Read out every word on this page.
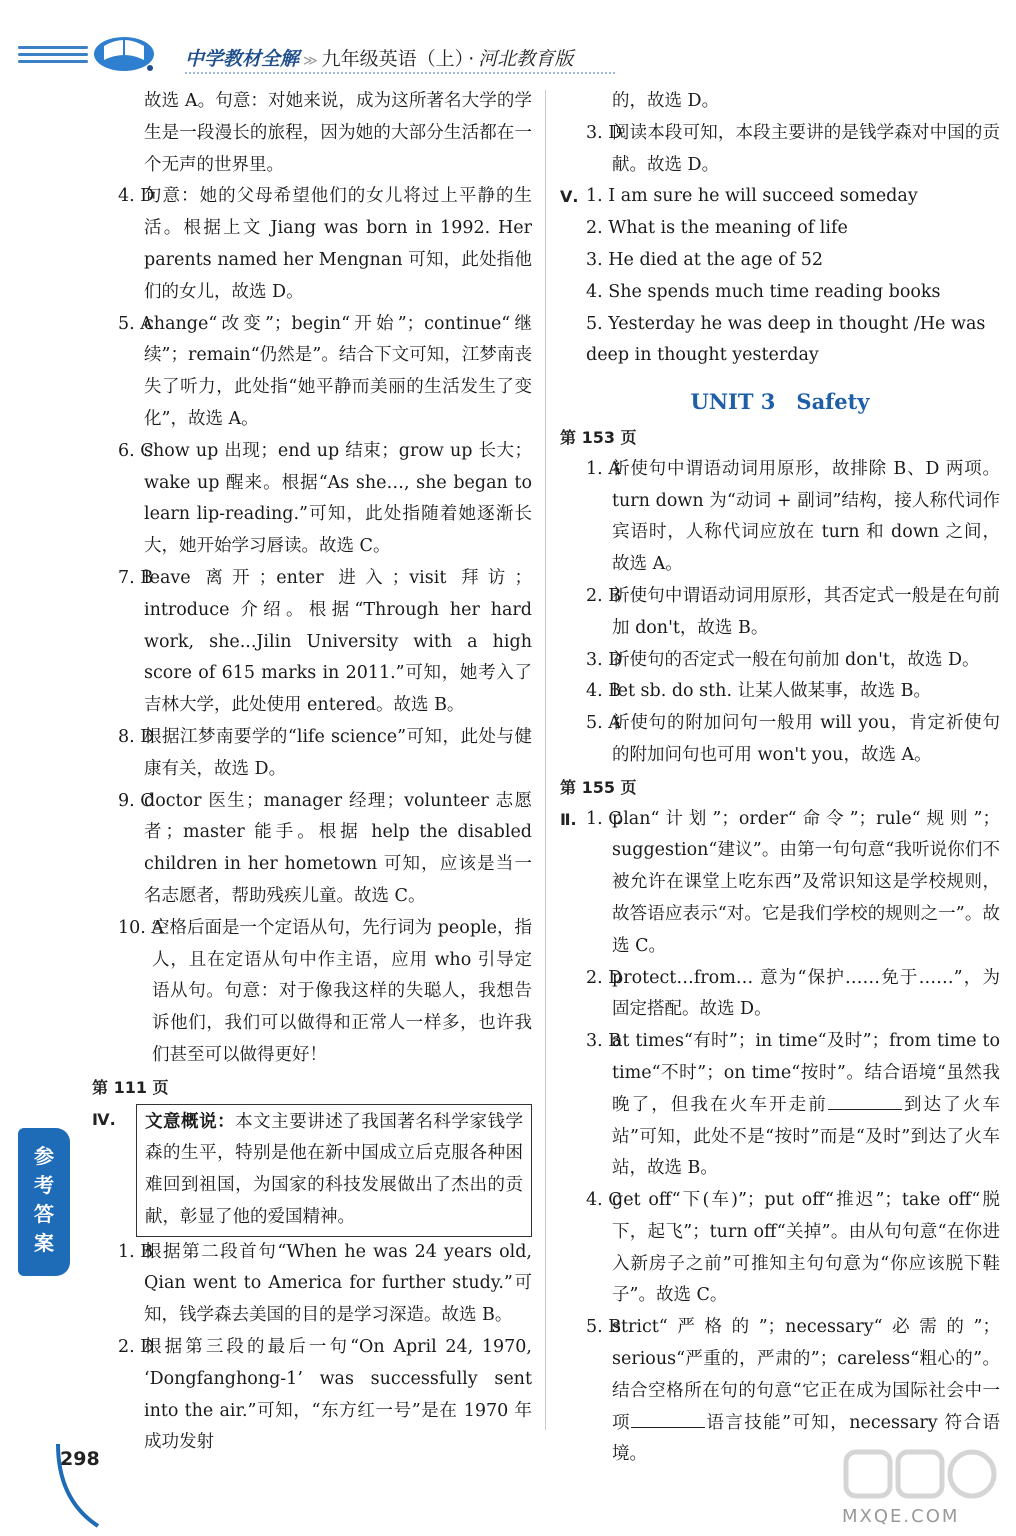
中学教材全解 ≫ 九年级英语（上） · 河北教育版
故选 A。句意：对她来说，成为这所著名大学的学生是一段漫长的旅程，因为她的大部分生活都在一个无声的世界里。
4. D
句意：她的父母希望他们的女儿将过上平静的生活。根据上文 Jiang was born in 1992. Her parents named her Mengnan 可知，此处指他们的女儿，故选 D。
5. A
change“改变”；begin“开始”；continue“继续”；remain“仍然是”。结合下文可知，江梦南丧失了听力，此处指“她平静而美丽的生活发生了变化”，故选 A。
6. C
show up 出现；end up 结束；grow up 长大；wake up 醒来。根据“As she…, she began to learn lip-reading.”可知，此处指随着她逐渐长大，她开始学习唇读。故选 C。
7. B
leave 离开；enter 进入；visit 拜访；introduce 介绍。根据“Through her hard work, she...Jilin University with a high score of 615 marks in 2011.”可知，她考入了吉林大学，此处使用 entered。故选 B。
8. D
根据江梦南要学的“life science”可知，此处与健康有关，故选 D。
9. C
doctor 医生；manager 经理；volunteer 志愿者；master 能手。根据 help the disabled children in her hometown 可知，应该是当一名志愿者，帮助残疾儿童。故选 C。
10. A
空格后面是一个定语从句，先行词为 people，指人，且在定语从句中作主语，应用 who 引导定语从句。句意：对于像我这样的失聪人，我想告诉他们，我们可以做得和正常人一样多，也许我们甚至可以做得更好！
第 111 页
Ⅳ.	文意概说：本文主要讲述了我国著名科学家钱学森的生平，特别是他在新中国成立后克服各种困难回到祖国，为国家的科技发展做出了杰出的贡献，彰显了他的爱国精神。
1. B
根据第二段首句“When he was 24 years old, Qian went to America for further study.”可知，钱学森去美国的目的是学习深造。故选 B。
2. D
根据第三段的最后一句“On April 24, 1970, ‘Dongfanghong-1’ was successfully sent into the air.”可知，“东方红一号”是在 1970 年成功发射
的，故选 D。
3. D
阅读本段可知，本段主要讲的是钱学森对中国的贡献。故选 D。
Ⅴ. 1. I am sure he will succeed someday
2. What is the meaning of life
3. He died at the age of 52
4. She spends much time reading books
5. Yesterday he was deep in thought /He was deep in thought yesterday
UNIT 3　Safety
第 153 页
1. A
祈使句中谓语动词用原形，故排除 B、D 两项。turn down 为“动词 + 副词”结构，接人称代词作宾语时，人称代词应放在 turn 和 down 之间，故选 A。
2. B
祈使句中谓语动词用原形，其否定式一般是在句前加 don't，故选 B。
3. D
祈使句的否定式一般在句前加 don't，故选 D。
4. B
let sb. do sth. 让某人做某事，故选 B。
5. A
祈使句的附加问句一般用 will you，肯定祈使句的附加问句也可用 won't you，故选 A。
第 155 页
Ⅱ. 1. C
plan“计划”；order“命令”；rule“规则”；suggestion“建议”。由第一句句意“我听说你们不被允许在课堂上吃东西”及常识知这是学校规则，故答语应表示“对。它是我们学校的规则之一”。故选 C。
2. D
protect…from… 意为“保护……免于……”，为固定搭配。故选 D。
3. B
at times“有时”；in time“及时”；from time to time“不时”；on time“按时”。结合语境“虽然我晚了，但我在火车开走前	到达了火车站”可知，此处不是“按时”而是“及时”到达了火车站，故选 B。
4. C
get off“下(车)”；put off“推迟”；take off“脱下，起飞”；turn off“关掉”。由从句句意“在你进入新房子之前”可推知主句句意为“你应该脱下鞋子”。故选 C。
5. B
strict“严格的”；necessary“必需的”；serious“严重的，严肃的”；careless“粗心的”。结合空格所在句的句意“它正在成为国际社会中一项	语言技能”可知，necessary 符合语境。
参考答案
298
MXQE.COM
